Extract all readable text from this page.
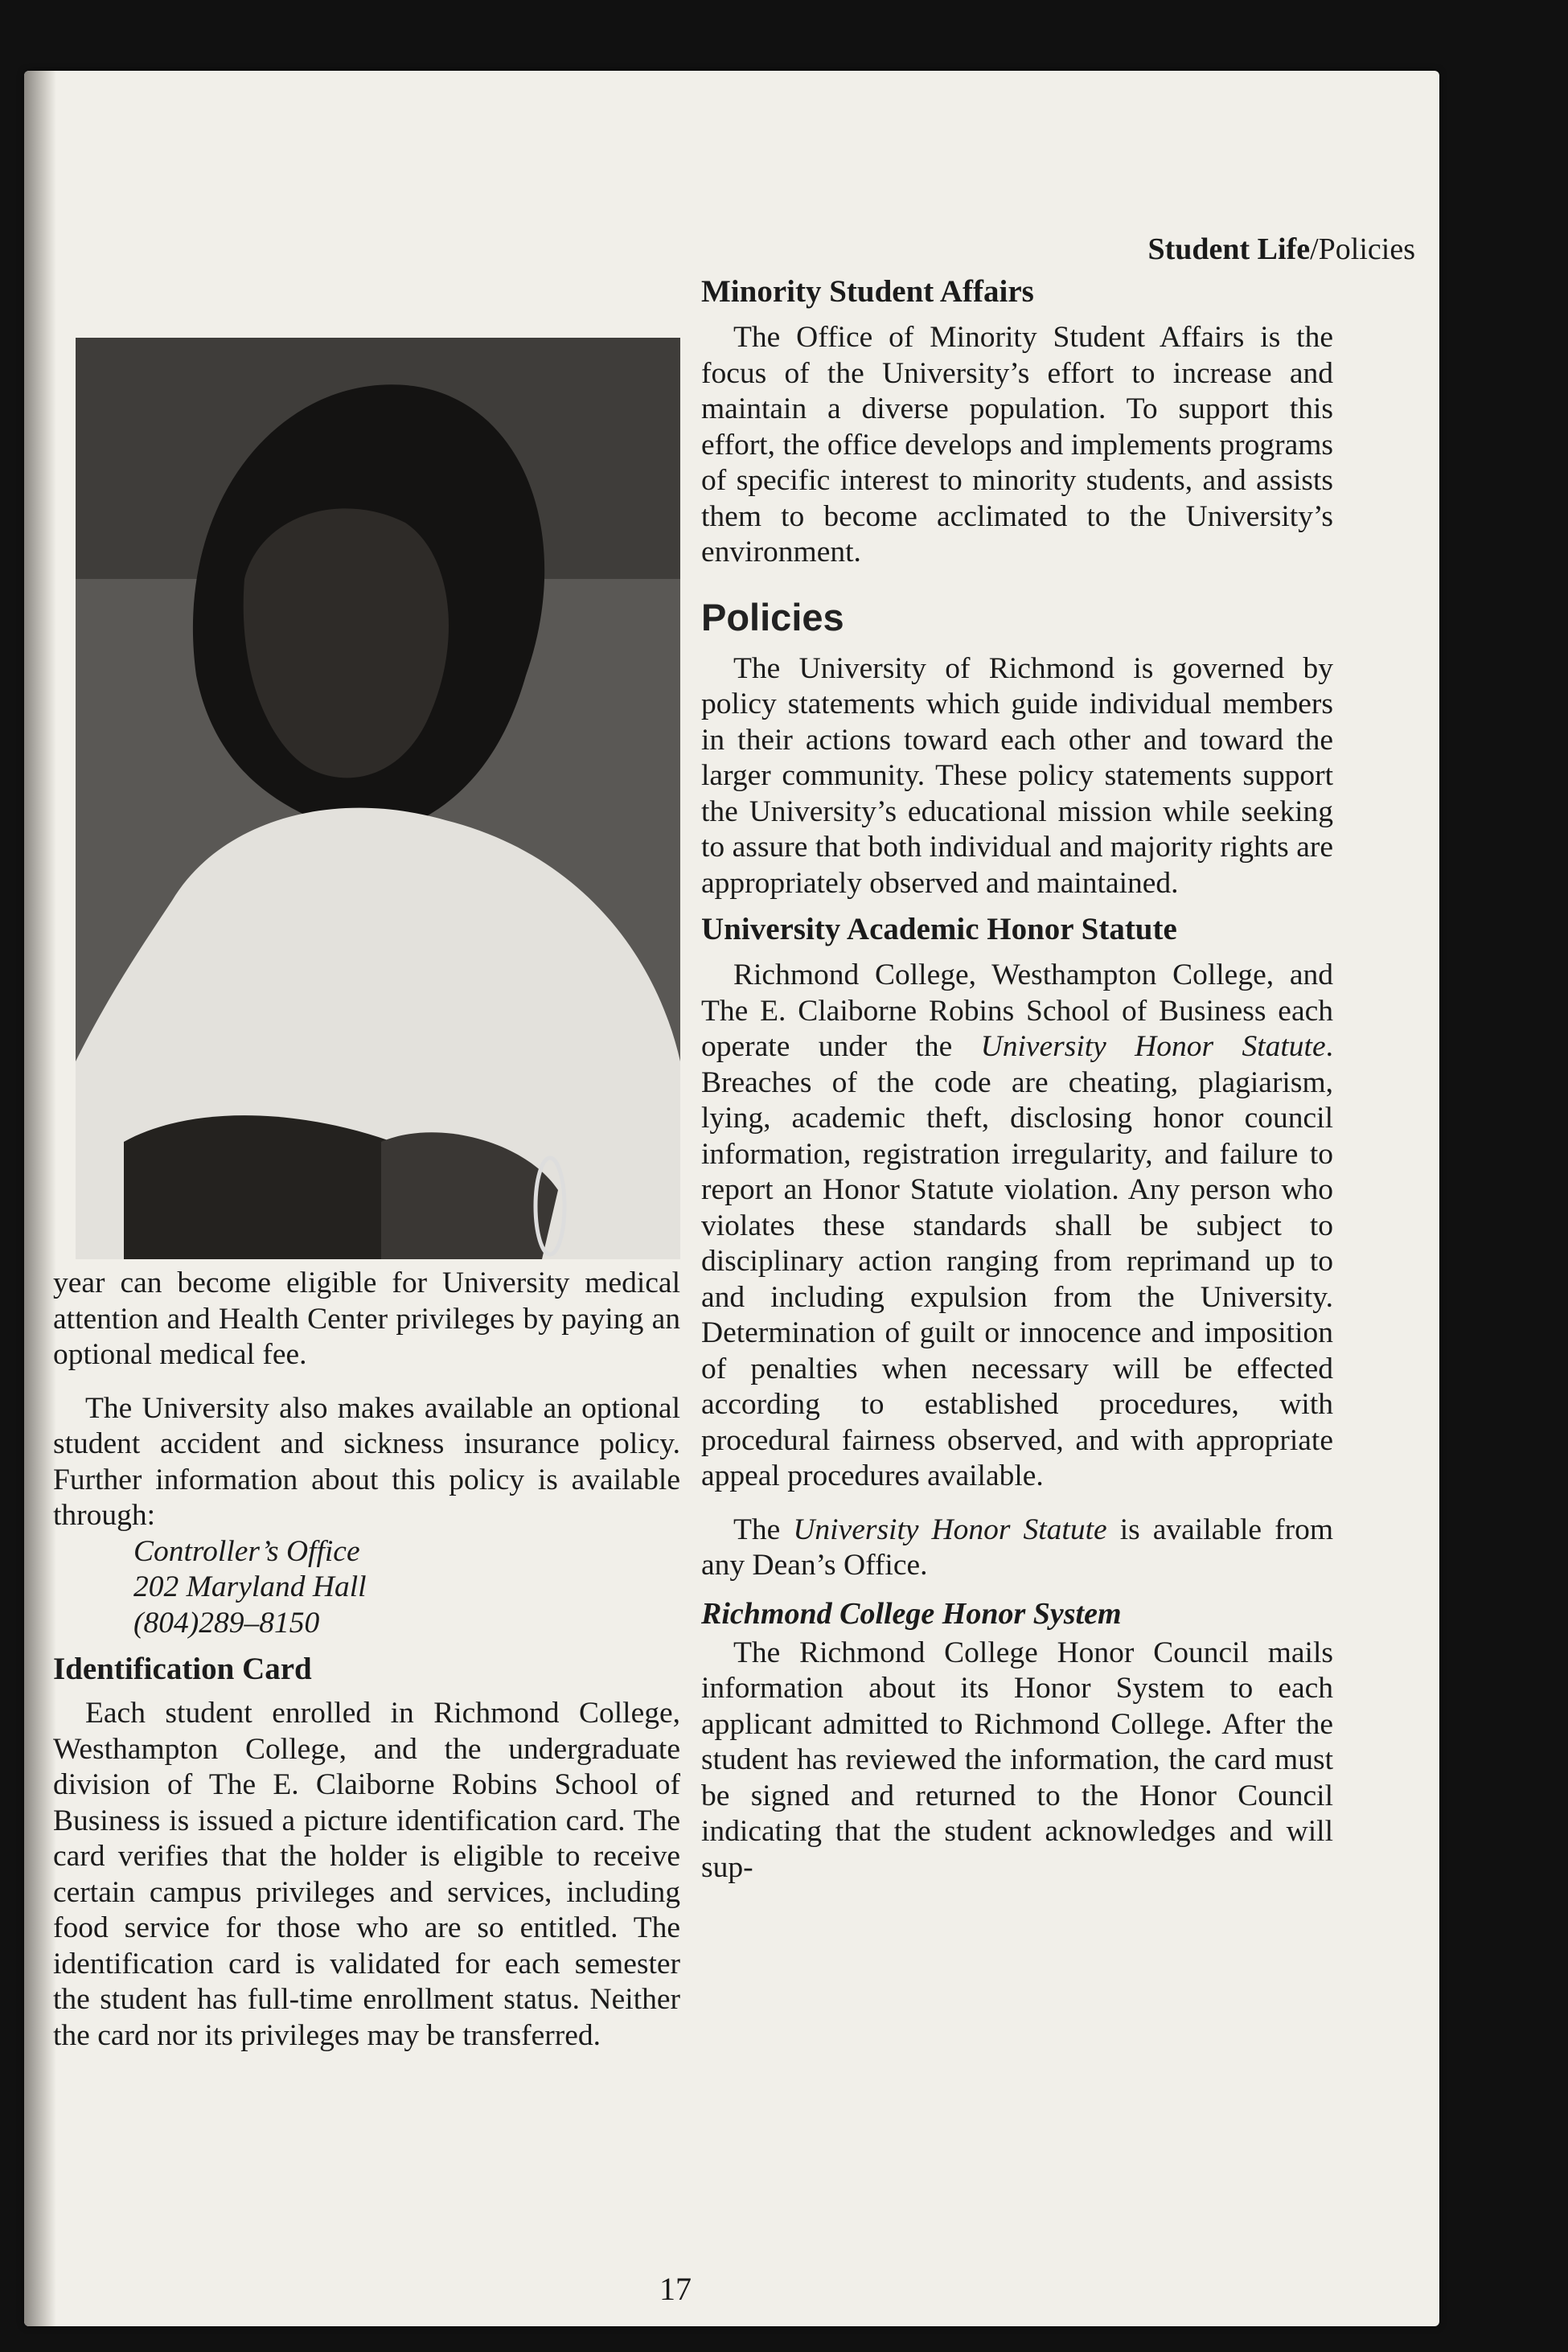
Student Life/Policies

year can become eligible for University medical attention and Health Center privileges by paying an optional medical fee.

The University also makes available an optional student accident and sickness insurance policy. Further information about this policy is available through:

Controller’s Office
202 Maryland Hall
(804)289–8150
Identification Card

Each student enrolled in Richmond College, Westhampton College, and the undergraduate division of The E. Claiborne Robins School of Business is issued a picture identification card. The card verifies that the holder is eligible to receive certain campus privileges and services, including food service for those who are so entitled. The identification card is validated for each semester the student has full-time enrollment status. Neither the card nor its privileges may be transferred.

Minority Student Affairs

The Office of Minority Student Affairs is the focus of the University’s effort to increase and maintain a diverse population. To support this effort, the office develops and implements programs of specific interest to minority students, and assists them to become acclimated to the University’s environment.

Policies

The University of Richmond is governed by policy statements which guide individual members in their actions toward each other and toward the larger community. These policy statements support the University’s educational mission while seeking to assure that both individual and majority rights are appropriately observed and maintained.

University Academic Honor Statute

Richmond College, Westhampton College, and The E. Claiborne Robins School of Business each operate under the University Honor Statute. Breaches of the code are cheating, plagiarism, lying, academic theft, disclosing honor council information, registration irregularity, and failure to report an Honor Statute violation. Any person who violates these standards shall be subject to disciplinary action ranging from reprimand up to and including expulsion from the University. Determination of guilt or innocence and imposition of penalties when necessary will be effected according to established procedures, with procedural fairness observed, and with appropriate appeal procedures available.

The University Honor Statute is available from any Dean’s Office.

Richmond College Honor System

The Richmond College Honor Council mails information about its Honor System to each applicant admitted to Richmond College. After the student has reviewed the information, the card must be signed and returned to the Honor Council indicating that the student acknowledges and will sup-

17
